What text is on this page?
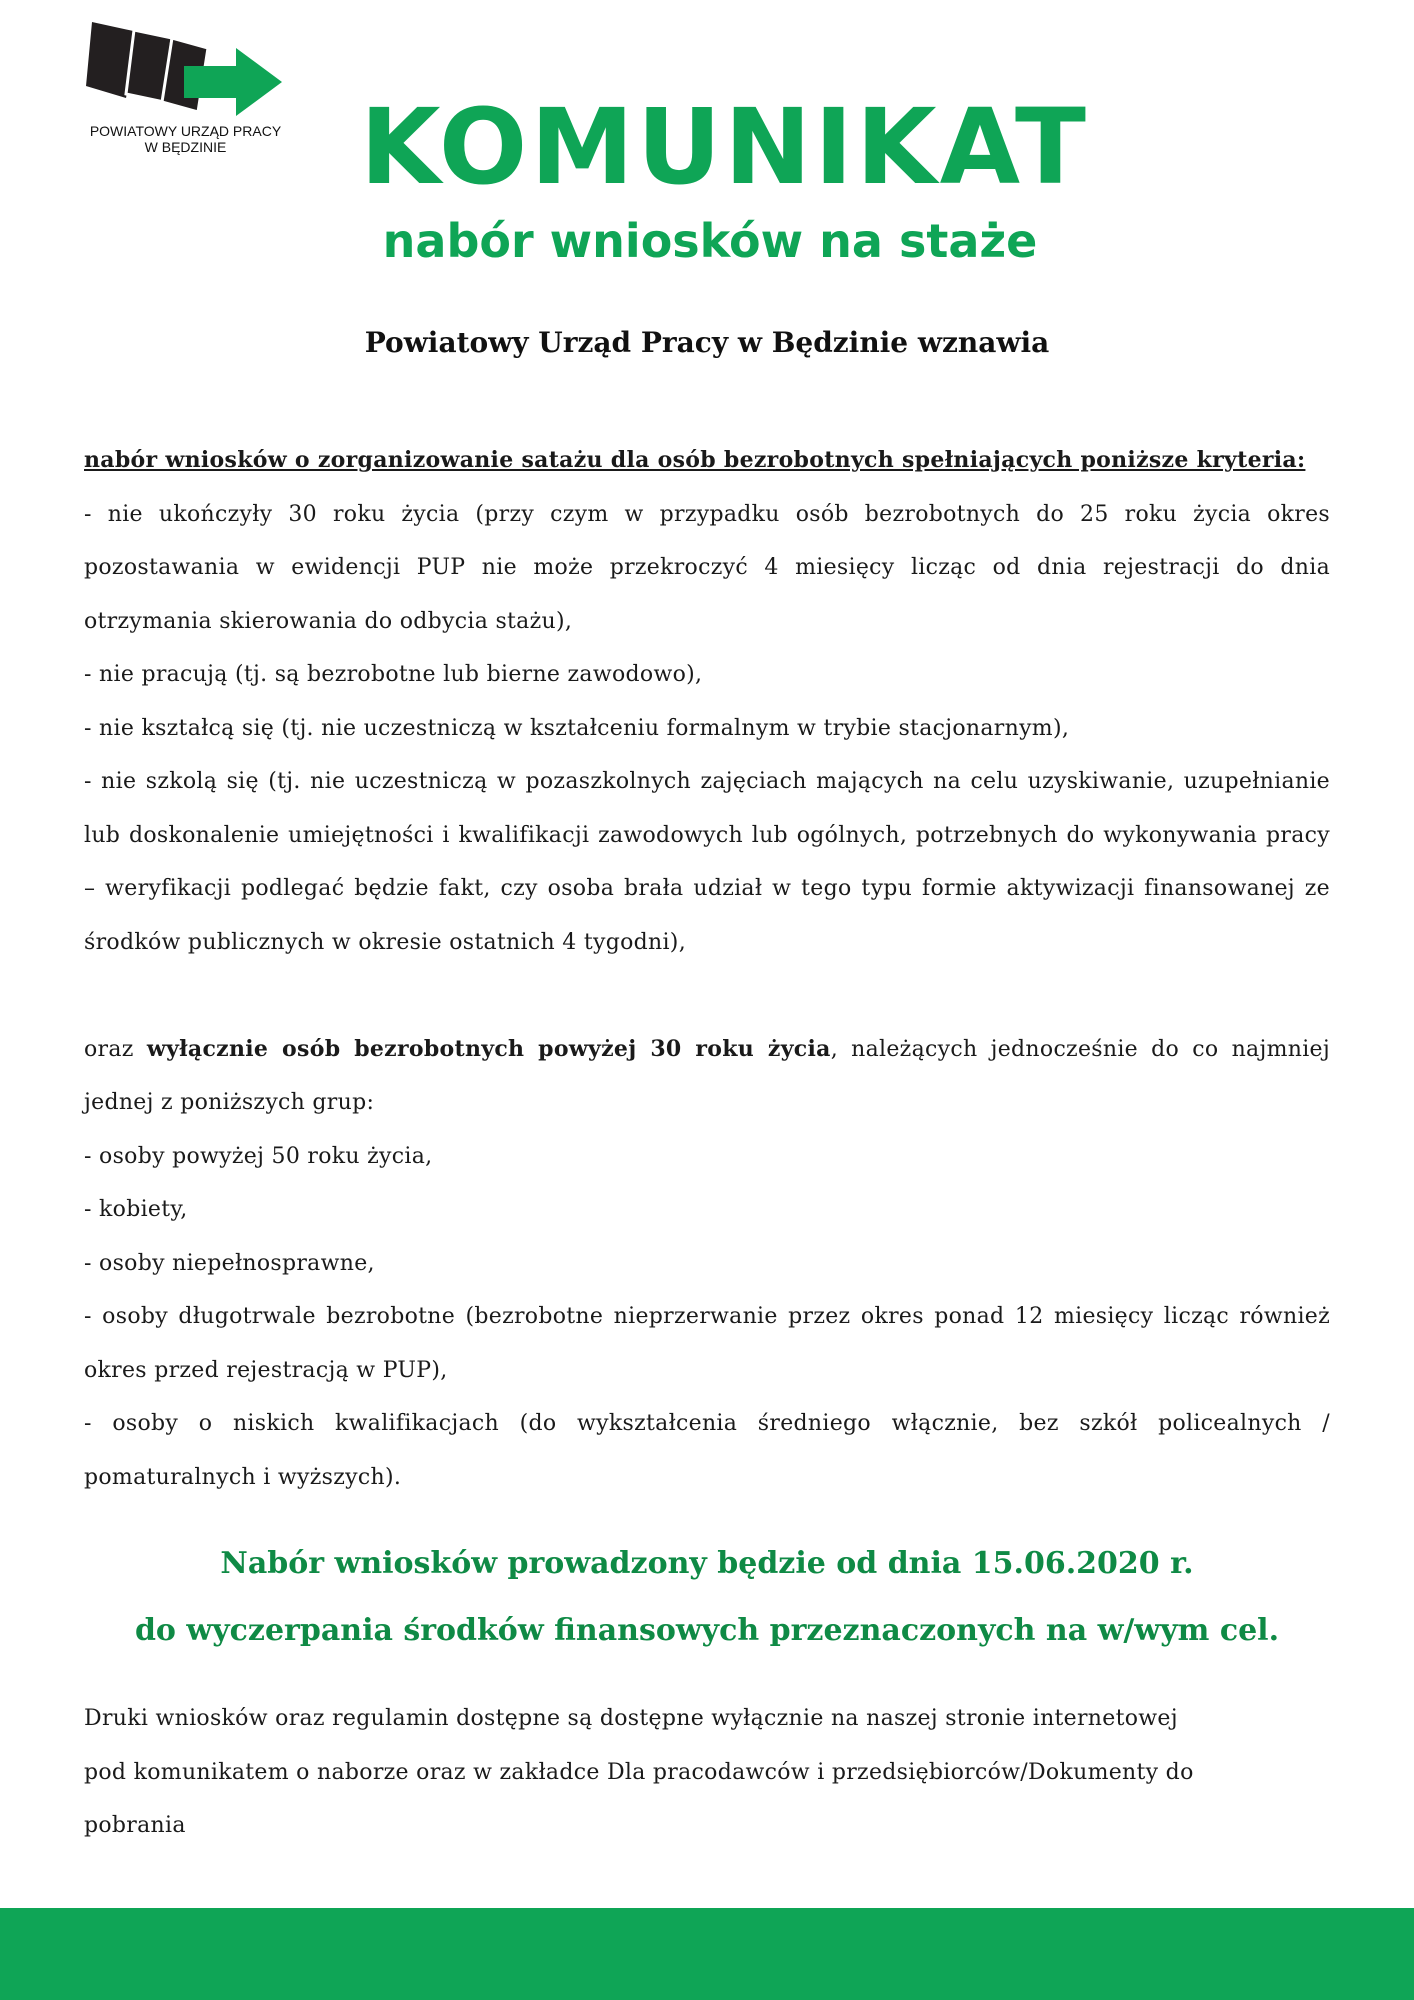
POWIATOWY URZĄD PRACY
W BĘDZINIE	KOMUNIKAT
nabór wniosków na staże
Powiatowy Urząd Pracy w Będzinie wznawia

nabór wniosków o zorganizowanie satażu dla osób bezrobotnych spełniających poniższe kryteria:

- nie ukończyły 30 roku życia (przy czym w przypadku osób bezrobotnych do 25 roku życia okres pozostawania w ewidencji PUP nie może przekroczyć 4 miesięcy licząc od dnia rejestracji do dnia otrzymania skierowania do odbycia stażu),

- nie pracują (tj. są bezrobotne lub bierne zawodowo),

- nie kształcą się (tj. nie uczestniczą w kształceniu formalnym w trybie stacjonarnym),

- nie szkolą się (tj. nie uczestniczą w pozaszkolnych zajęciach mających na celu uzyskiwanie, uzupełnianie lub doskonalenie umiejętności i kwalifikacji zawodowych lub ogólnych, potrzebnych do wykonywania pracy – weryfikacji podlegać będzie fakt, czy osoba brała udział w tego typu formie aktywizacji finansowanej ze środków publicznych w okresie ostatnich 4 tygodni),

oraz wyłącznie osób bezrobotnych powyżej 30 roku życia, należących jednocześnie do co najmniej jednej z poniższych grup:

- osoby powyżej 50 roku życia,

- kobiety,

- osoby niepełnosprawne,

- osoby długotrwale bezrobotne (bezrobotne nieprzerwanie przez okres ponad 12 miesięcy licząc również okres przed rejestracją w PUP),

- osoby o niskich kwalifikacjach (do wykształcenia średniego włącznie, bez szkół policealnych / pomaturalnych i wyższych).

Nabór wniosków prowadzony będzie od dnia 15.06.2020 r.

do wyczerpania środków finansowych przeznaczonych na w/wym cel.

Druki wniosków oraz regulamin dostępne są dostępne wyłącznie na naszej stronie internetowej

pod komunikatem o naborze oraz w zakładce Dla pracodawców i przedsiębiorców/Dokumenty do

pobrania
